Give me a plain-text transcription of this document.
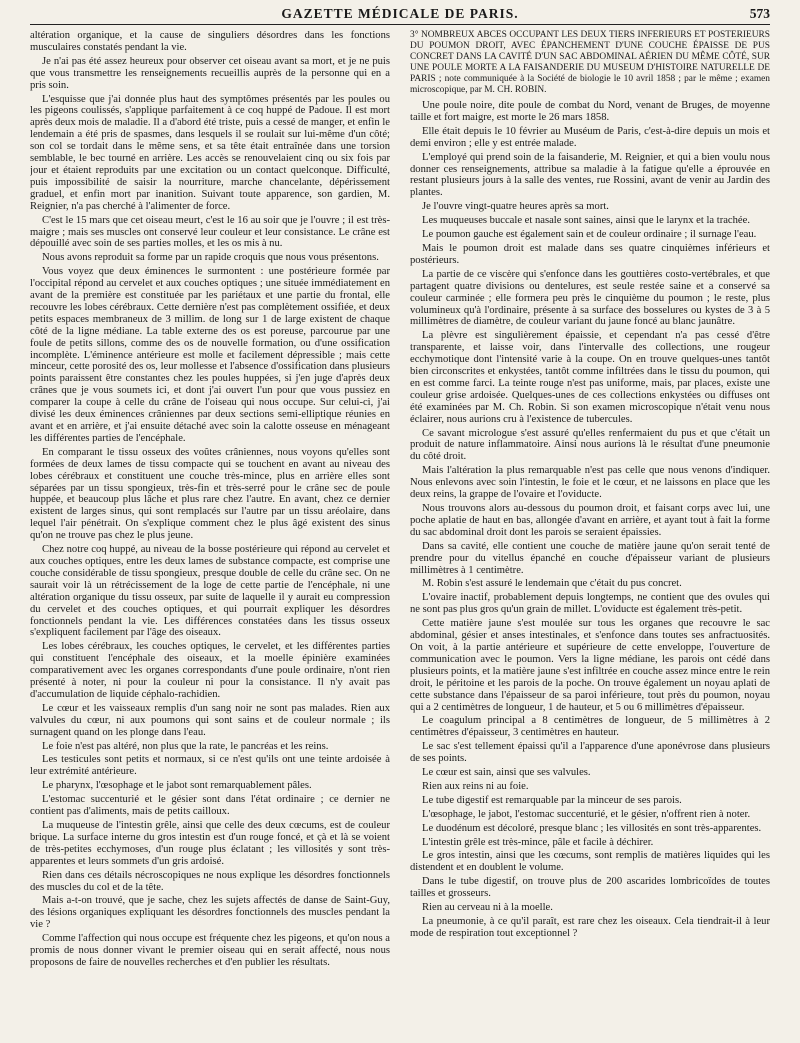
GAZETTE MÉDICALE DE PARIS.	573

altération organique, et la cause de singuliers désordres dans les fonctions musculaires constatés pendant la vie.

Je n'ai pas été assez heureux pour observer cet oiseau avant sa mort, et je ne puis que vous transmettre les renseignements recueillis auprès de la personne qui en a pris soin.

L'esquisse que j'ai donnée plus haut des symptômes présentés par les poules ou les pigeons coulissés, s'applique parfaitement à ce coq huppé de Padoue. Il est mort après deux mois de maladie. Il a d'abord été triste, puis a cessé de manger, et enfin le lendemain a été pris de spasmes, dans lesquels il se roulait sur lui-même d'un côté; son col se tordait dans le même sens, et sa tête était entraînée dans une torsion semblable, le bec tourné en arrière. Les accès se renouvelaient cinq ou six fois par jour et étaient reproduits par une excitation ou un contact quelconque. Difficulté, puis impossibilité de saisir la nourriture, marche chancelante, dépérissement graduel, et enfin mort par inanition. Suivant toute apparence, son gardien, M. Reignier, n'a pas cherché à l'alimenter de force.

C'est le 15 mars que cet oiseau meurt, c'est le 16 au soir que je l'ouvre ; il est très-maigre ; mais ses muscles ont conservé leur couleur et leur consistance. Le crâne est dépouillé avec soin de ses parties molles, et les os mis à nu.

Nous avons reproduit sa forme par un rapide croquis que nous vous présentons.

Vous voyez que deux éminences le surmontent : une postérieure formée par l'occipital répond au cervelet et aux couches optiques ; une située immédiatement en avant de la première est constituée par les pariétaux et une partie du frontal, elle recouvre les lobes cérébraux. Cette dernière n'est pas complètement ossifiée, et deux petits espaces membraneux de 3 millim. de long sur 1 de large existent de chaque côté de la ligne médiane. La table externe des os est poreuse, parcourue par une foule de petits sillons, comme des os de nouvelle formation, ou d'une ossification incomplète. L'éminence antérieure est molle et facilement dépressible ; mais cette minceur, cette porosité des os, leur mollesse et l'absence d'ossification dans plusieurs points paraissent être constantes chez les poules huppées, si j'en juge d'après deux crânes que je vous soumets ici, et dont j'ai ouvert l'un pour que vous pussiez en comparer la coupe à celle du crâne de l'oiseau qui nous occupe. Sur celui-ci, j'ai divisé les deux éminences crâniennes par deux sections semi-elliptique réunies en avant et en arrière, et j'ai ensuite détaché avec soin la calotte osseuse en ménageant les différentes parties de l'encéphale.

En comparant le tissu osseux des voûtes crâniennes, nous voyons qu'elles sont formées de deux lames de tissu compacte qui se touchent en avant au niveau des lobes cérébraux et constituent une couche très-mince, plus en arrière elles sont séparées par un tissu spongieux, très-fin et très-serré pour le crâne sec de poule huppée, et beaucoup plus lâche et plus rare chez l'autre. En avant, chez ce dernier existent de larges sinus, qui sont remplacés sur l'autre par un tissu aréolaire, dans lequel l'air pénétrait. On s'explique comment chez le plus âgé existent des sinus qu'on ne trouve pas chez le plus jeune.

Chez notre coq huppé, au niveau de la bosse postérieure qui répond au cervelet et aux couches optiques, entre les deux lames de substance compacte, est comprise une couche considérable de tissu spongieux, presque double de celle du crâne sec. On ne saurait voir là un rétrécissement de la loge de cette partie de l'encéphale, ni une altération organique du tissu osseux, par suite de laquelle il y aurait eu compression du cervelet et des couches optiques, et qui pourrait expliquer les désordres fonctionnels pendant la vie. Les différences constatées dans les tissus osseux s'expliquent facilement par l'âge des oiseaux.

Les lobes cérébraux, les couches optiques, le cervelet, et les différentes parties qui constituent l'encéphale des oiseaux, et la moelle épinière examinées comparativement avec les organes correspondants d'une poule ordinaire, n'ont rien présenté à noter, ni pour la couleur ni pour la consistance. Il n'y avait pas d'accumulation de liquide céphalo-rachidien.

Le cœur et les vaisseaux remplis d'un sang noir ne sont pas malades. Rien aux valvules du cœur, ni aux poumons qui sont sains et de couleur normale ; ils surnagent quand on les plonge dans l'eau.

Le foie n'est pas altéré, non plus que la rate, le pancréas et les reins.

Les testicules sont petits et normaux, si ce n'est qu'ils ont une teinte ardoisée à leur extrémité antérieure.

Le pharynx, l'œsophage et le jabot sont remarquablement pâles.

L'estomac succenturié et le gésier sont dans l'état ordinaire ; ce dernier ne contient pas d'aliments, mais de petits cailloux.

La muqueuse de l'intestin grêle, ainsi que celle des deux cœcums, est de couleur brique. La surface interne du gros intestin est d'un rouge foncé, et çà et là se voient de très-petites ecchymoses, d'un rouge plus éclatant ; les villosités y sont très-apparentes et leurs sommets d'un gris ardoisé.

Rien dans ces détails nécroscopiques ne nous explique les désordres fonctionnels des muscles du col et de la tête.

Mais a-t-on trouvé, que je sache, chez les sujets affectés de danse de Saint-Guy, des lésions organiques expliquant les désordres fonctionnels des muscles pendant la vie ?

Comme l'affection qui nous occupe est fréquente chez les pigeons, et qu'on nous a promis de nous donner vivant le premier oiseau qui en serait affecté, nous nous proposons de faire de nouvelles recherches et d'en publier les résultats.

3° NOMBREUX ABCÈS OCCUPANT LES DEUX TIERS INFÉRIEURS ET POSTÉRIEURS DU POUMON DROIT, AVEC ÉPANCHEMENT D'UNE COUCHE ÉPAISSE DE PUS CONCRET DANS LA CAVITÉ D'UN SAC ABDOMINAL AÉRIEN DU MÊME CÔTÉ, SUR UNE POULE MORTE A LA FAISANDERIE DU MUSEUM D'HISTOIRE NATURELLE DE PARIS ; note communiquée à la Société de biologie le 10 avril 1858 ; par le même ; examen microscopique, par M. CH. ROBIN.

Une poule noire, dite poule de combat du Nord, venant de Bruges, de moyenne taille et fort maigre, est morte le 26 mars 1858.

Elle était depuis le 10 février au Muséum de Paris, c'est-à-dire depuis un mois et demi environ ; elle y est entrée malade.

L'employé qui prend soin de la faisanderie, M. Reignier, et qui a bien voulu nous donner ces renseignements, attribue sa maladie à la fatigue qu'elle a éprouvée en restant plusieurs jours à la salle des ventes, rue Rossini, avant de venir au Jardin des plantes.

Je l'ouvre vingt-quatre heures après sa mort.

Les muqueuses buccale et nasale sont saines, ainsi que le larynx et la trachée.

Le poumon gauche est également sain et de couleur ordinaire ; il surnage l'eau.

Mais le poumon droit est malade dans ses quatre cinquièmes inférieurs et postérieurs.

La partie de ce viscère qui s'enfonce dans les gouttières costo-vertébrales, et que partagent quatre divisions ou dentelures, est seule restée saine et a conservé sa couleur carminée ; elle formera peu près le cinquième du poumon ; le reste, plus volumineux qu'à l'ordinaire, présente à sa surface des bosselures ou kystes de 3 à 5 millimètres de diamètre, de couleur variant du jaune foncé au blanc jaunâtre.

La plèvre est singulièrement épaissie, et cependant n'a pas cessé d'être transparente, et laisse voir, dans l'intervalle des collections, une rougeur ecchymotique dont l'intensité varie à la coupe. On en trouve quelques-unes tantôt bien circonscrites et enkystées, tantôt comme infiltrées dans le tissu du poumon, qui en est comme farci. La teinte rouge n'est pas uniforme, mais, par places, existe une couleur grise ardoisée. Quelques-unes de ces collections enkystées ou diffuses ont été examinées par M. Ch. Robin. Si son examen microscopique n'était venu nous éclairer, nous aurions cru à l'existence de tubercules.

Ce savant micrologue s'est assuré qu'elles renfermaient du pus et que c'était un produit de nature inflammatoire. Ainsi nous aurions là le résultat d'une pneumonie du côté droit.

Mais l'altération la plus remarquable n'est pas celle que nous venons d'indiquer. Nous enlevons avec soin l'intestin, le foie et le cœur, et ne laissons en place que les deux reins, la grappe de l'ovaire et l'oviducte.

Nous trouvons alors au-dessous du poumon droit, et faisant corps avec lui, une poche aplatie de haut en bas, allongée d'avant en arrière, et ayant tout à fait la forme du sac abdominal droit dont les parois se seraient épaissies.

Dans sa cavité, elle contient une couche de matière jaune qu'on serait tenté de prendre pour du vitellus épanché en couche d'épaisseur variant de plusieurs millimètres à 1 centimètre.

M. Robin s'est assuré le lendemain que c'était du pus concret.

L'ovaire inactif, probablement depuis longtemps, ne contient que des ovules qui ne sont pas plus gros qu'un grain de millet. L'oviducte est également très-petit.

Cette matière jaune s'est moulée sur tous les organes que recouvre le sac abdominal, gésier et anses intestinales, et s'enfonce dans toutes ses anfractuosités. On voit, à la partie antérieure et supérieure de cette enveloppe, l'ouverture de communication avec le poumon. Vers la ligne médiane, les parois ont cédé dans plusieurs points, et la matière jaune s'est infiltrée en couche assez mince entre le rein droit, le péritoine et les parois de la poche. On trouve également un noyau aplati de cette substance dans l'épaisseur de sa paroi inférieure, tout près du poumon, noyau qui a 2 centimètres de longueur, 1 de hauteur, et 5 ou 6 millimètres d'épaisseur.

Le coagulum principal a 8 centimètres de longueur, de 5 millimètres à 2 centimètres d'épaisseur, 3 centimètres en hauteur.

Le sac s'est tellement épaissi qu'il a l'apparence d'une aponévrose dans plusieurs de ses points.

Le cœur est sain, ainsi que ses valvules.

Rien aux reins ni au foie.

Le tube digestif est remarquable par la minceur de ses parois.

L'œsophage, le jabot, l'estomac succenturié, et le gésier, n'offrent rien à noter.

Le duodénum est décoloré, presque blanc ; les villosités en sont très-apparentes.

L'intestin grêle est très-mince, pâle et facile à déchirer.

Le gros intestin, ainsi que les cœcums, sont remplis de matières liquides qui les distendent et en doublent le volume.

Dans le tube digestif, on trouve plus de 200 ascarides lombricoïdes de toutes tailles et grosseurs.

Rien au cerveau ni à la moelle.

La pneumonie, à ce qu'il paraît, est rare chez les oiseaux. Cela tiendrait-il à leur mode de respiration tout exceptionnel ?
